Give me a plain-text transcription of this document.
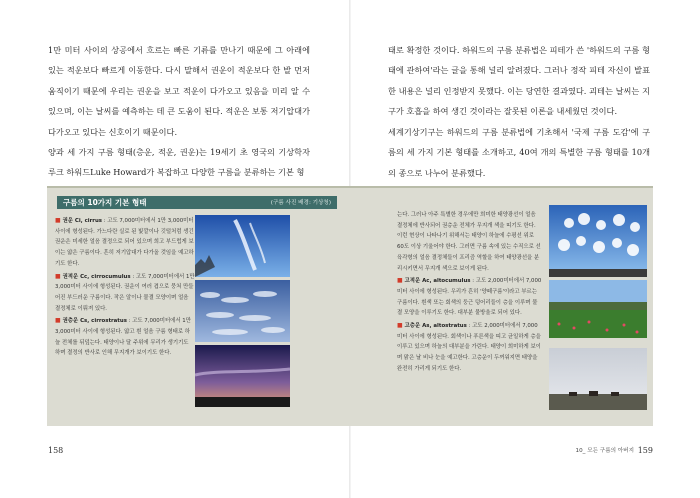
1만 미터 사이의 상공에서 흐르는 빠른 기류를 만나기 때문에 그 아래에 있는 적운보다 빠르게 이동한다. 다시 말해서 권운이 적운보다 한 발 먼저 움직이기 때문에 우리는 권운을 보고 적운이 다가오고 있음을 미리 알 수 있으며, 이는 날씨를 예측하는 데 큰 도움이 된다. 적운은 보통 저기압대가 다가오고 있다는 신호이기 때문이다.

양과 세 가지 구름 형태(층운, 적운, 권운)는 19세기 초 영국의 기상학자 루크 하워드Luke Howard가 복잡하고 다양한 구름을 분류하는 기본 형

158	10_ 모든 구름의 아버지 159

태로 확정한 것이다. 하워드의 구름 분류법은 피테가 쓴 '하워드의 구름 형태에 관하여'라는 글을 통해 널리 알려졌다. 그러나 정작 피테 자신이 발표한 내용은 널리 인정받지 못했다. 이는 당연한 결과였다. 괴테는 날씨는 지구가 호흡을 하여 생긴 것이라는 잘못된 이론을 내세웠던 것이다.

세계기상기구는 하워드의 구름 분류법에 기초해서 '국제 구름 도감'에 구름의 세 가지 기본 형태를 소개하고, 40여 개의 특별한 구름 형태를 10개의 종으로 나누어 분류했다.

구름의 10가지 기본 형태	(구름 사진 배경: 기상청)

■ 권운 Ci, cirrus : 고도 7,000미터에서 1만 3,000미터 사이에 형성된다. 가느다란 실로 된 빛깔이나 깃털처럼 생긴 권운은 미세한 얼음 결정으로 되어 있으며 희고 부드럽게 보이는 얇은 구름이다. 흔히 저기압대가 다가올 것임을 예고하기도 한다.

■ 권적운 Cc, cirrocumulus : 고도 7,000미터에서 1만 3,000미터 사이에 형성된다. 권운이 여러 겹으로 뭉쳐 만들어진 부드러운 구름이다. 작은 알이나 물결 모양이며 얼음 결정체로 이뤄져 있다.

■ 권층운 Cs, cirrostratus : 고도 7,000미터에서 1만 3,000미터 사이에 형성된다. 얇고 흰 얼음 구름 형태로 하늘 전체를 뒤덮는다. 태양이나 달 주위에 무리가 생기기도 하며 결정의 반사로 인해 무지개가 보이기도 한다.

는다. 그러나 아주 특별한 경우에만 희미한 태양광선이 얼음 결정체에 반사되어 권층운 전체가 무지개 색을 띠기도 한다. 이런 현상이 나타나기 위해서는 태양이 하늘에 수평선 위로 60도 이상 기울어야 한다. 그러면 구름 속에 있는 수직으로 선 육각형의 얼음 결정체들이 프리즘 역할을 하여 태양광선을 분리시키면서 무지개 색으로 보이게 된다.

■ 고적운 Ac, altocumulus : 고도 2,000미터에서 7,000미터 사이에 형성된다. 우리가 흔히 '양떼구름'이라고 부르는 구름이다. 흰색 또는 회색의 둥근 덩어리들이 층을 이루며 물결 모양을 이루기도 한다. 대부분 물방울로 되어 있다.

■ 고층운 As, altostratus : 고도 2,000미터에서 7,000미터 사이에 형성된다. 회색이나 푸른색을 띠고 균일하게 층을 이루고 있으며 하늘의 대부분을 가린다. 태양이 희미하게 보이며 맑은 날 비나 눈을 예고한다. 고층운이 두꺼워지면 태양을 완전히 가리게 되기도 한다.
